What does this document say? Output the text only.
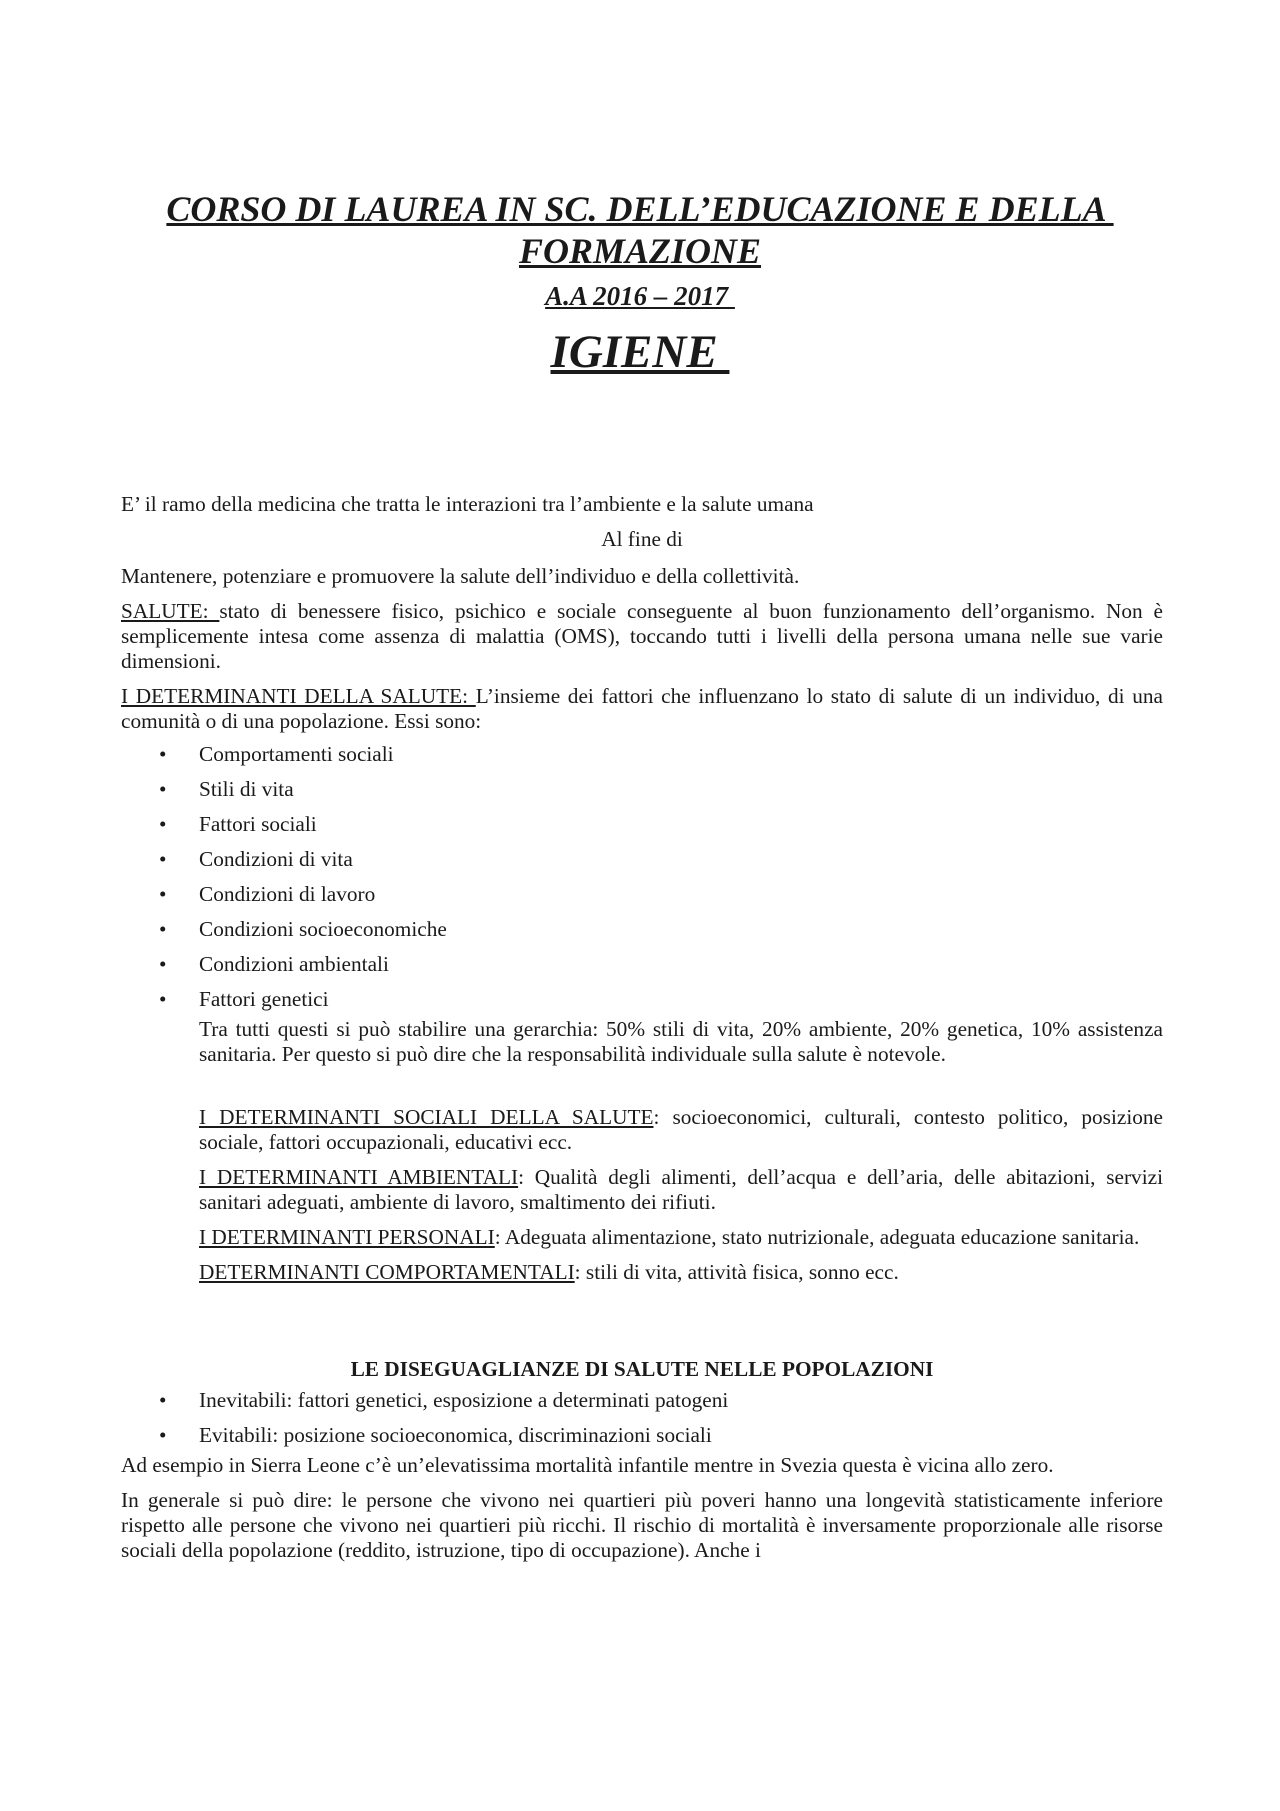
CORSO DI LAUREA IN SC. DELL’EDUCAZIONE E DELLA
FORMAZIONE
A.A 2016 – 2017
IGIENE

E’ il ramo della medicina che tratta le interazioni tra l’ambiente e la salute umana

Al fine di

Mantenere, potenziare e promuovere la salute dell’individuo e della collettività.

SALUTE: stato di benessere fisico, psichico e sociale conseguente al buon funzionamento dell’organismo. Non è semplicemente intesa come assenza di malattia (OMS), toccando tutti i livelli della persona umana nelle sue varie dimensioni.

I DETERMINANTI DELLA SALUTE: L’insieme dei fattori che influenzano lo stato di salute di un individuo, di una comunità o di una popolazione. Essi sono:

• Comportamenti sociali
• Stili di vita
• Fattori sociali
• Condizioni di vita
• Condizioni di lavoro
• Condizioni socioeconomiche
• Condizioni ambientali
• Fattori genetici

Tra tutti questi si può stabilire una gerarchia: 50% stili di vita, 20% ambiente, 20% genetica, 10% assistenza sanitaria. Per questo si può dire che la responsabilità individuale sulla salute è notevole.

I DETERMINANTI SOCIALI DELLA SALUTE: socioeconomici, culturali, contesto politico, posizione sociale, fattori occupazionali, educativi ecc.

I DETERMINANTI AMBIENTALI: Qualità degli alimenti, dell’acqua e dell’aria, delle abitazioni, servizi sanitari adeguati, ambiente di lavoro, smaltimento dei rifiuti.

I DETERMINANTI PERSONALI: Adeguata alimentazione, stato nutrizionale, adeguata educazione sanitaria.

DETERMINANTI COMPORTAMENTALI: stili di vita, attività fisica, sonno ecc.

LE DISEGUAGLIANZE DI SALUTE NELLE POPOLAZIONI

• Inevitabili: fattori genetici, esposizione a determinati patogeni
• Evitabili: posizione socioeconomica, discriminazioni sociali

Ad esempio in Sierra Leone c’è un’elevatissima mortalità infantile mentre in Svezia questa è vicina allo zero.

In generale si può dire: le persone che vivono nei quartieri più poveri hanno una longevità statisticamente inferiore rispetto alle persone che vivono nei quartieri più ricchi. Il rischio di mortalità è inversamente proporzionale alle risorse sociali della popolazione (reddito, istruzione, tipo di occupazione). Anche i
